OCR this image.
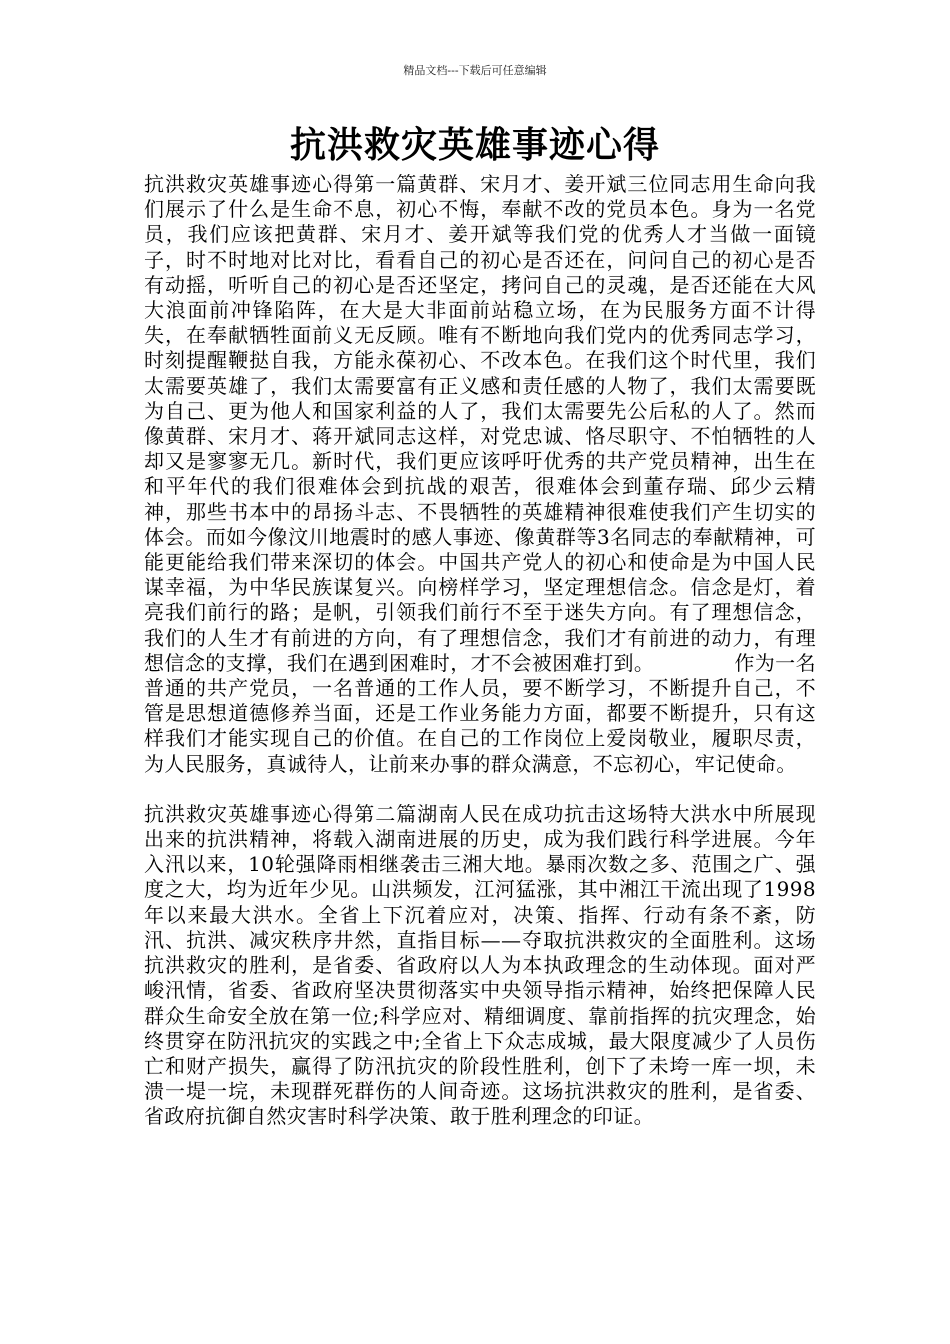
精品文档---下载后可任意编辑
抗洪救灾英雄事迹心得

抗洪救灾英雄事迹心得第一篇黄群、宋月才、姜开斌三位同志用生命向我们展示了什么是生命不息，初心不悔，奉献不改的党员本色。身为一名党员，我们应该把黄群、宋月才、姜开斌等我们党的优秀人才当做一面镜子，时不时地对比对比，看看自己的初心是否还在，问问自己的初心是否有动摇，听听自己的初心是否还坚定，拷问自己的灵魂，是否还能在大风大浪面前冲锋陷阵，在大是大非面前站稳立场，在为民服务方面不计得失，在奉献牺牲面前义无反顾。唯有不断地向我们党内的优秀同志学习，时刻提醒鞭挞自我，方能永葆初心、不改本色。在我们这个时代里，我们太需要英雄了，我们太需要富有正义感和责任感的人物了，我们太需要既为自己、更为他人和国家利益的人了，我们太需要先公后私的人了。然而像黄群、宋月才、蒋开斌同志这样，对党忠诚、恪尽职守、不怕牺牲的人却又是寥寥无几。新时代，我们更应该呼吁优秀的共产党员精神，出生在和平年代的我们很难体会到抗战的艰苦，很难体会到董存瑞、邱少云精神，那些书本中的昂扬斗志、不畏牺牲的英雄精神很难使我们产生切实的体会。而如今像汶川地震时的感人事迹、像黄群等3名同志的奉献精神，可能更能给我们带来深切的体会。中国共产党人的初心和使命是为中国人民谋幸福，为中华民族谋复兴。向榜样学习，坚定理想信念。信念是灯，着亮我们前行的路；是帆，引领我们前行不至于迷失方向。有了理想信念，我们的人生才有前进的方向，有了理想信念，我们才有前进的动力，有理想信念的支撑，我们在遇到困难时，才不会被困难打到。	作为一名普通的共产党员，一名普通的工作人员，要不断学习，不断提升自己，不管是思想道德修养当面，还是工作业务能力方面，都要不断提升，只有这样我们才能实现自己的价值。在自己的工作岗位上爱岗敬业，履职尽责，为人民服务，真诚待人，让前来办事的群众满意，不忘初心，牢记使命。

抗洪救灾英雄事迹心得第二篇湖南人民在成功抗击这场特大洪水中所展现出来的抗洪精神，将载入湖南进展的历史，成为我们践行科学进展。今年入汛以来，10轮强降雨相继袭击三湘大地。暴雨次数之多、范围之广、强度之大，均为近年少见。山洪频发，江河猛涨，其中湘江干流出现了1998年以来最大洪水。全省上下沉着应对，决策、指挥、行动有条不紊，防汛、抗洪、减灾秩序井然，直指目标——夺取抗洪救灾的全面胜利。这场抗洪救灾的胜利，是省委、省政府以人为本执政理念的生动体现。面对严峻汛情，省委、省政府坚决贯彻落实中央领导指示精神，始终把保障人民群众生命安全放在第一位;科学应对、精细调度、靠前指挥的抗灾理念，始终贯穿在防汛抗灾的实践之中;全省上下众志成城，最大限度减少了人员伤亡和财产损失，赢得了防汛抗灾的阶段性胜利，创下了未垮一库一坝，未溃一堤一垸，未现群死群伤的人间奇迹。这场抗洪救灾的胜利，是省委、省政府抗御自然灾害时科学决策、敢于胜利理念的印证。
